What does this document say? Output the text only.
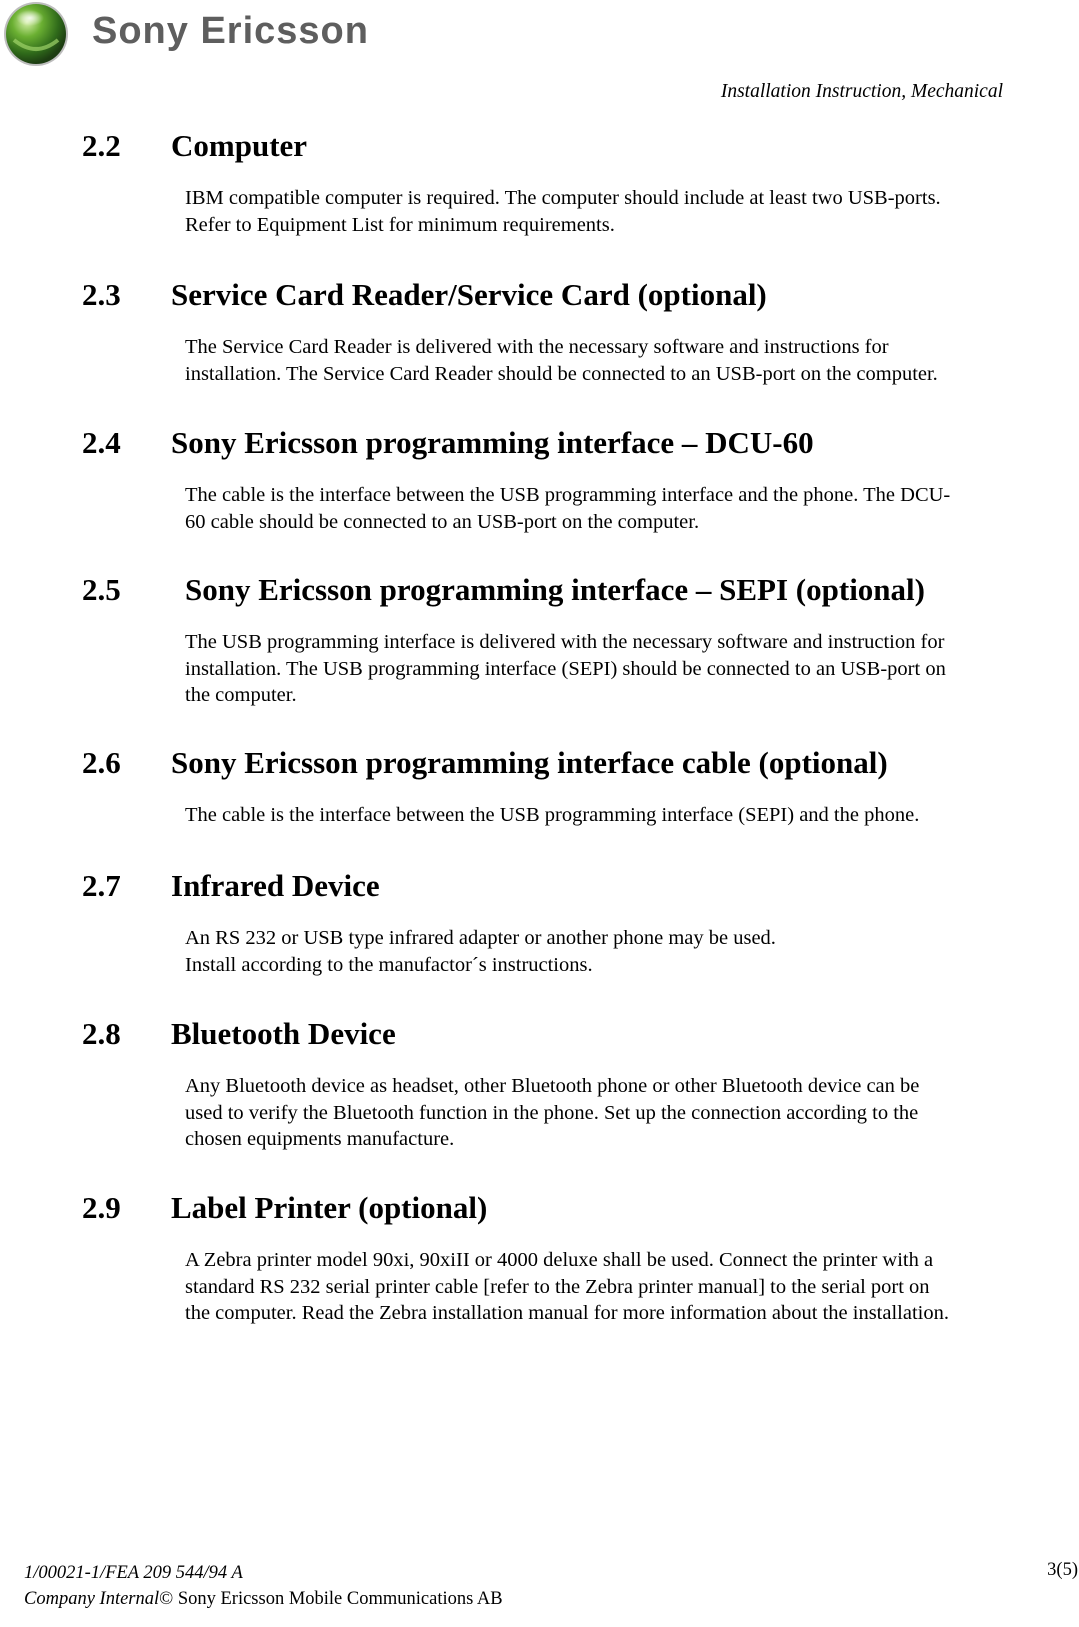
Sony Ericsson
Installation Instruction, Mechanical
2.2 Computer
IBM compatible computer is required. The computer should include at least two USB-ports.
Refer to Equipment List for minimum requirements.
2.3 Service Card Reader/Service Card (optional)
The Service Card Reader is delivered with the necessary software and instructions for
installation. The Service Card Reader should be connected to an USB-port on the computer.
2.4 Sony Ericsson programming interface – DCU-60
The cable is the interface between the USB programming interface and the phone. The DCU-
60 cable should be connected to an USB-port on the computer.
2.5 Sony Ericsson programming interface – SEPI (optional)
The USB programming interface is delivered with the necessary software and instruction for
installation. The USB programming interface (SEPI) should be connected to an USB-port on
the computer.
2.6 Sony Ericsson programming interface cable (optional)
The cable is the interface between the USB programming interface (SEPI) and the phone.
2.7 Infrared Device
An RS 232 or USB type infrared adapter or another phone may be used.
Install according to the manufactor´s instructions.
2.8 Bluetooth Device
Any Bluetooth device as headset, other Bluetooth phone or other Bluetooth device can be
used to verify the Bluetooth function in the phone. Set up the connection according to the
chosen equipments manufacture.
2.9 Label Printer (optional)
A Zebra printer model 90xi, 90xiII or 4000 deluxe shall be used. Connect the printer with a
standard RS 232 serial printer cable [refer to the Zebra printer manual] to the serial port on
the computer. Read the Zebra installation manual for more information about the installation.
1/00021-1/FEA 209 544/94 A
Company Internal© Sony Ericsson Mobile Communications AB
3(5)
